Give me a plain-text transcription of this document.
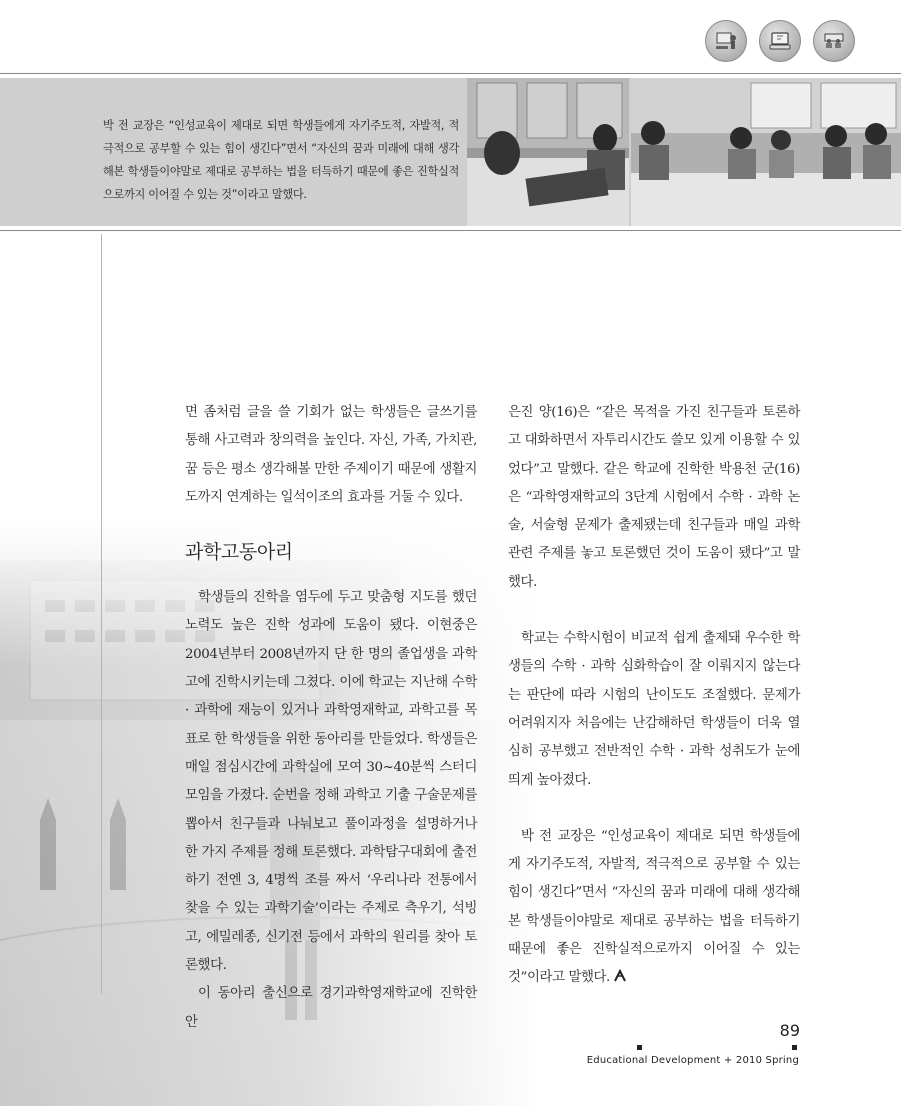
박 전 교장은 “인성교육이 제대로 되면 학생들에게 자기주도적, 자발적, 적극적으로 공부할 수 있는 힘이 생긴다”면서 “자신의 꿈과 미래에 대해 생각해본 학생들이야말로 제대로 공부하는 법을 터득하기 때문에 좋은 진학실적으로까지 이어질 수 있는 것”이라고 말했다.

면 좀처럼 글을 쓸 기회가 없는 학생들은 글쓰기를 통해 사고력과 창의력을 높인다. 자신, 가족, 가치관, 꿈 등은 평소 생각해볼 만한 주제이기 때문에 생활지도까지 연계하는 일석이조의 효과를 거둘 수 있다.

과학고동아리

학생들의 진학을 염두에 두고 맞춤형 지도를 했던 노력도 높은 진학 성과에 도움이 됐다. 이현중은 2004년부터 2008년까지 단 한 명의 졸업생을 과학고에 진학시키는데 그쳤다. 이에 학교는 지난해 수학 · 과학에 재능이 있거나 과학영재학교, 과학고를 목표로 한 학생들을 위한 동아리를 만들었다. 학생들은 매일 점심시간에 과학실에 모여 30~40분씩 스터디 모임을 가졌다. 순번을 정해 과학고 기출 구술문제를 뽑아서 친구들과 나눠보고 풀이과정을 설명하거나 한 가지 주제를 정해 토론했다. 과학탐구대회에 출전하기 전엔 3, 4명씩 조를 짜서 ‘우리나라 전통에서 찾을 수 있는 과학기술’이라는 주제로 측우기, 석빙고, 에밀레종, 신기전 등에서 과학의 원리를 찾아 토론했다.

이 동아리 출신으로 경기과학영재학교에 진학한 안

은진 양(16)은 “같은 목적을 가진 친구들과 토론하고 대화하면서 자투리시간도 쓸모 있게 이용할 수 있었다”고 말했다. 같은 학교에 진학한 박용천 군(16)은 “과학영재학교의 3단계 시험에서 수학 · 과학 논술, 서술형 문제가 출제됐는데 친구들과 매일 과학 관련 주제를 놓고 토론했던 것이 도움이 됐다”고 말했다.

학교는 수학시험이 비교적 쉽게 출제돼 우수한 학생들의 수학 · 과학 심화학습이 잘 이뤄지지 않는다는 판단에 따라 시험의 난이도도 조절했다. 문제가 어려워지자 처음에는 난감해하던 학생들이 더욱 열심히 공부했고 전반적인 수학 · 과학 성취도가 눈에 띄게 높아졌다.

박 전 교장은 “인성교육이 제대로 되면 학생들에게 자기주도적, 자발적, 적극적으로 공부할 수 있는 힘이 생긴다”면서 “자신의 꿈과 미래에 대해 생각해본 학생들이야말로 제대로 공부하는 법을 터득하기 때문에 좋은 진학실적으로까지 이어질 수 있는 것”이라고 말했다.

89
Educational Development + 2010 Spring
